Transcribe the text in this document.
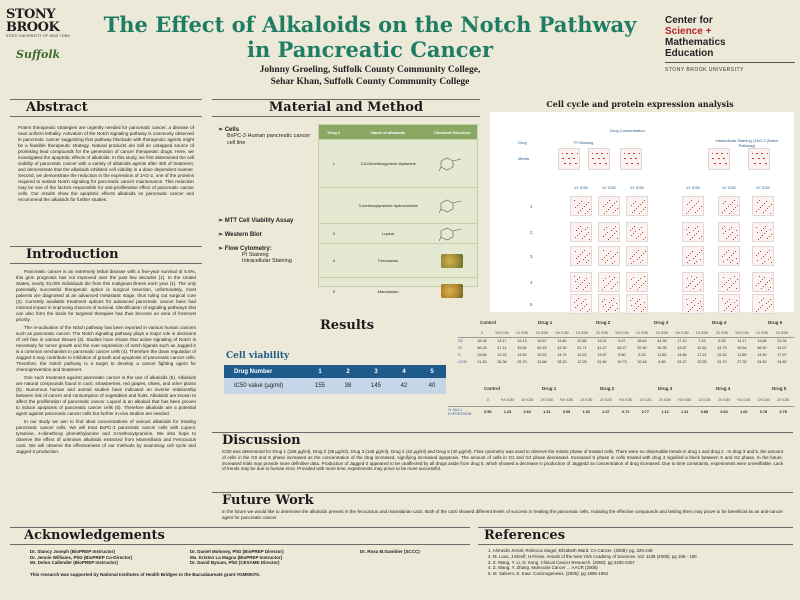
STONY
BROOK
STATE UNIVERSITY OF NEW YORK
Suffolk
The Effect of Alkaloids on the Notch Pathway
in Pancreatic Cancer
Johnny Groeling, Suffolk County Community College,
Sehar Khan, Suffolk County Community College
Center for
Science +
Mathematics
Education
STONY BROOK UNIVERSITY
Abstract
Potent therapeutic strategies are urgently needed for pancreatic cancer, a disease of near uniform lethality. Activation of the Notch signaling pathway is commonly observed in pancreatic cancer suggesting that pathway blockade with therapeutic agents might be a feasible therapeutic strategy. Natural products are still an untapped source of promising lead compounds for the generation of cancer therapeutic drugs. Here, we investigated the apoptotic effects of alkaloids. In this study, we first determined the cell viability of pancreatic cancer with a variety of alkaloids agents after 48h of treatment, and demonstrate that the alkaloids inhibited cell viability in a dose dependent manner. Second, we demonstrate the reduction in the expression of JAG-2, one of the proteins required to sustain Notch signaling for pancreatic cancer maintenance. This reduction may be one of the factors responsible for anti-proliferative effect of pancreatic cancer cells. Our results show the apoptotic effects alkaloids on pancreatic cancer and recommend the alkaloids for further studies.
Introduction
Pancreatic cancer is an extremely lethal disease with a five-year survival of 5.6%, this grim prognosis has not improved over the past few decades (1). In the United States, nearly 34,000 individuals die from this malignant illness each year (1). The only potentially successful therapeutic option is surgical resection, unfortunately, most patients are diagnosed at an advanced metastatic stage, thus ruling out surgical cure (2). Currently available treatment options for advanced pancreatic cancer have had minimal impact in improving chances of survival. Identification of signaling pathways that can also form the basis for targeted therapies has thus become an area of foremost priority.
The re-activation of the Notch pathway has been reported in various human cancers such as pancreatic cancer. The Notch signaling pathway plays a major role in decisions of cell fate in various tissues (3). Studies have shown that active signaling of Notch is necessary for tumor growth and the over expression of notch ligands such as Jagged-2 is a common mechanism in pancreatic cancer cells (4). Therefore the down regulation of Jagged-2 may contribute to inhibition of growth and apoptosis of pancreatic cancer cells. Therefore, the Notch pathway is a target to develop a cancer fighting agent for chemoprevention and treatment.
One such treatment against pancreatic cancer is the use of alkaloids (5). Alkaloids are natural compounds found in cacti, strawberries, red grapes, olives, and other plants (5). Numerous human and animal studies have indicated an inverse relationship between risk of cancer and consumption of vegetables and fruits. Alkaloids are known to affect the proliferation of pancreatic cancer. Lupeol is an alkaloid that has been proven to induce apoptosis of pancreatic cancer cells (5). Therefore alkaloids are a potential agent against pancreatic cancer cells but further in-vivo studies are needed.
In our study we aim to find ideal concentrations of various alkaloids for treating pancreatic cancer cells. We will treat BxPC-3 pancreatic cancer cells with Lupeol, tyramine, 4-dimethoxy phenethylamine and 3-methoxytyramine. We also hope to observe the effect of unknown alkaloids extracted from Mammillaria and Ferocactus cacti. We will observe the effectiveness of our methods by examining cell cycle and Jagged-2 production.
Material and Method
➢ Cells
BxPC-3 Human pancreatic cancer cell line
➢ MTT Cell Viability Assay
➢ Western Blot
➢ Flow Cytometry:
PI Staining
Intracellular Staining
Drug #	Name of alkaloids	Chemical Structure
1	3,4-Dimethoxyphene-thylamine
3-methoxytyramine hydrochloride
3	Lupeol
4	Ferocactus
5	Mamalarian
Cell cycle and protein expression analysis
Drug Concentration
PI Staining	Intracellular Staining (JAG-2 (Notch Pathway)
Drug
Media
1X IC50	1X IC50	2X IC50	1X IC50	1X IC50	2X IC50
1
2
3
4
5
Results
Cell viability
Drug Number	1	2	3	4	5
IC50 value (µg/ml)	155	38	145	42	40
Control	Drug 1	Drug 2	Drug 3	Drug 4	Drug 5
0	½X IC50	1X IC50	2X IC50	½X IC50	1X IC50	2X IC50	½X IC50	1X IC50	2X IC50	½X IC50	1X IC50	2X IC50	½X IC50	1X IC50	2X IC50
G0	16.34	13.17	19.13	15.67	13.60	22.80	13.21	6.07	28.63	44.39	17.10	7.43	8.35	11.17	13.65	23.34
G1	46.25	47.14	45.54	60.15	43.30	51.71	41.27	65.27	52.90	36.95	43.87	42.81	44.79	49.64	46.90	43.97
S	15.66	13.33	14.63	10.53	14.74	13.23	13.67	8.60	8.33	11.80	14.66	17.21	15.16	11.89	14.90	17.97
G2/M	21.53	26.36	25.70	13.66	28.33	12.26	31.84	19.73	10.18	6.85	24.37	32.55	31.70	27.30	24.52	14.82
Control	Drug 1	Drug 2	Drug 3	Drug 4	Drug 5
0	½X IC50	1X IC50	2X IC50	½X IC50	1X IC50	2X IC50	½X IC50	1X IC50	2X IC50	½X IC50	1X IC50	2X IC50	½X IC50	1X IC50	2X IC50
% JAG-2 EXPRESSION	0.56	1.23	2.62	1.31	0.69	1.02	2.37	0.72	0.77	1.12	1.41	0.85	0.64	1.66	0.78	0.78
Discussion
IC50 was determined for Drug 1 (155 µg/ml), Drug 2 (38 µg/ml), Drug 3 (145 µg/ml), Drug 4 (42 µg/ml) and Drug 5 (40 µg/ml). Flow cytometry was used to observe the mitotic phase of treated cells. There were no observable trends in drug 1 and drug 2 . In drug 3 and 5, the amount of cells in the G0 and S phase increased as the concentration of the drug increased, signifying increased apoptosis. The amount of cells in G1 and G2 phase decreased. Increased S phase in cells treated with drug 4 signified a block between S and G2 phase. In the future, increased trials may provide more definitive data. Production of Jagged-2 appeared to be unaffected by all drugs aside from drug 5, which showed a decrease in production of Jagged2 as concentration of drug increased. Due to time constraints, experiments were unverifiable. Lack of trends may be due to human error. Provided with more time, experiments may prove to be more successful.
Future Work
In the future we would like to determine the alkaloids present in the ferocactus and mamalarian cacti. Both of the cacti showed different levels of success in treating the pancreatic cells. Isolating the effective compounds and testing them may prove to be beneficial as an anti-cancer agent for pancreatic cancer.
Acknowledgements
Dr. Stancy Joseph (BioPREP Instructor)
Dr. Jennie Williams, PhD (BioPREP Co-Director)
Mr. Delon Callender (BioPREP Instructor)
Dr. Daniel Moloney, PhD (BioPREP Director)
Ms. Kristen La Magna (BioPREP Instructor)
Dr. David Bynum, PhD (CESAME Director)
Dr. Rosa M.Gambier (SCCC)
This research was supported by National Institutes of Health Bridges to the Baccalaureate grant #GM50070.
References
1. Ahmedin Jemal, Rebecca Siegel, Elizabeth Ward. CA Cancer. (2009): pg. 225-249
2. M. Loos, J.Kleeff, H.Friess. Annals of the New York Academy of Sciences. Vol. 1138 (2008): pg 169 - 180
3. Z. Wang, Y. Li, D. Kong. Clinical Cancer Research. (2006): pg 2400-2407
4. Z. Wang, Y. Zhang. Molecular Cancer ... AACR (2006)
5. M. Saleem, S. Kaur. Carcinogenesis. (2005): pg 1956-1964
